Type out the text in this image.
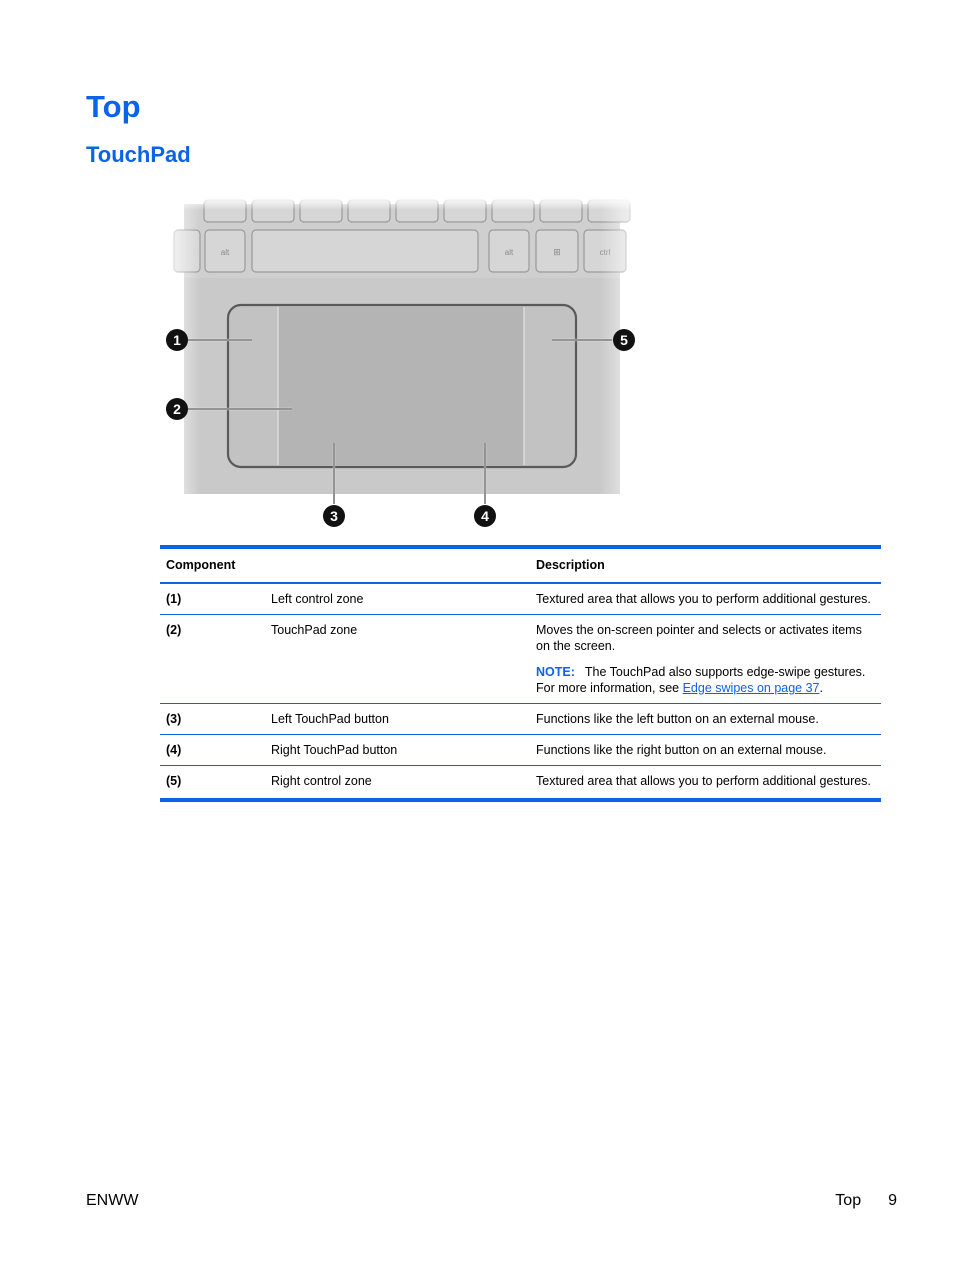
Top
TouchPad
alt	alt	⊞
1
2
3	4
5
Component		Description
(1)	Left control zone	Textured area that allows you to perform additional gestures.
(2)	TouchPad zone	Moves the on-screen pointer and selects or activates items on the screen.
NOTE: The TouchPad also supports edge-swipe gestures. For more information, see Edge swipes on page 37.

(3)	Left TouchPad button	Functions like the left button on an external mouse.
(4)	Right TouchPad button	Functions like the right button on an external mouse.
(5)	Right control zone	Textured area that allows you to perform additional gestures.
ENWW	Top 9
